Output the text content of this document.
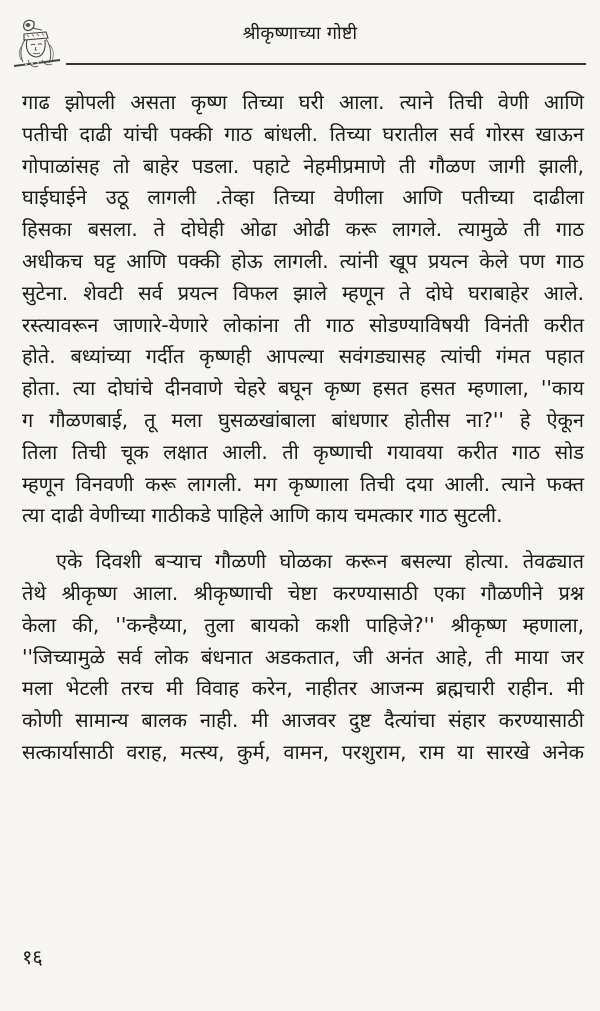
श्रीकृष्णाच्या गोष्टी
गाढ झोपली असता कृष्ण तिच्या घरी आला. त्याने तिची वेणी आणि
पतीची दाढी यांची पक्की गाठ बांधली. तिच्या घरातील सर्व गोरस खाऊन
गोपाळांसह तो बाहेर पडला. पहाटे नेहमीप्रमाणे ती गौळण जागी झाली,
घाईघाईने उठू लागली .तेव्हा तिच्या वेणीला आणि पतीच्या दाढीला
हिसका बसला. ते दोघेही ओढा ओढी करू लागले. त्यामुळे ती गाठ
अधीकच घट्ट आणि पक्की होऊ लागली. त्यांनी खूप प्रयत्न केले पण गाठ
सुटेना. शेवटी सर्व प्रयत्न विफल झाले म्हणून ते दोघे घराबाहेर आले.
रस्त्यावरून जाणारे-येणारे लोकांना ती गाठ सोडण्याविषयी विनंती करीत
होते. बध्यांच्या गर्दीत कृष्णही आपल्या सवंगड्यासह त्यांची गंमत पहात
होता. त्या दोघांचे दीनवाणे चेहरे बघून कृष्ण हसत हसत म्हणाला, ''काय
ग गौळणबाई, तू मला घुसळखांबाला बांधणार होतीस ना?'' हे ऐकून
तिला तिची चूक लक्षात आली. ती कृष्णाची गयावया करीत गाठ सोड
म्हणून विनवणी करू लागली. मग कृष्णाला तिची दया आली. त्याने फक्त
त्या दाढी वेणीच्या गाठीकडे पाहिले आणि काय चमत्कार गाठ सुटली.
एके दिवशी बऱ्याच गौळणी घोळका करून बसल्या होत्या. तेवढ्यात
तेथे श्रीकृष्ण आला. श्रीकृष्णाची चेष्टा करण्यासाठी एका गौळणीने प्रश्न
केला की, ''कन्हैय्या, तुला बायको कशी पाहिजे?'' श्रीकृष्ण म्हणाला,
''जिच्यामुळे सर्व लोक बंधनात अडकतात, जी अनंत आहे, ती माया जर
मला भेटली तरच मी विवाह करेन, नाहीतर आजन्म ब्रह्मचारी राहीन. मी
कोणी सामान्य बालक नाही. मी आजवर दुष्ट दैत्यांचा संहार करण्यासाठी
सत्कार्यासाठी वराह, मत्स्य, कुर्म, वामन, परशुराम, राम या सारखे अनेक
१६
